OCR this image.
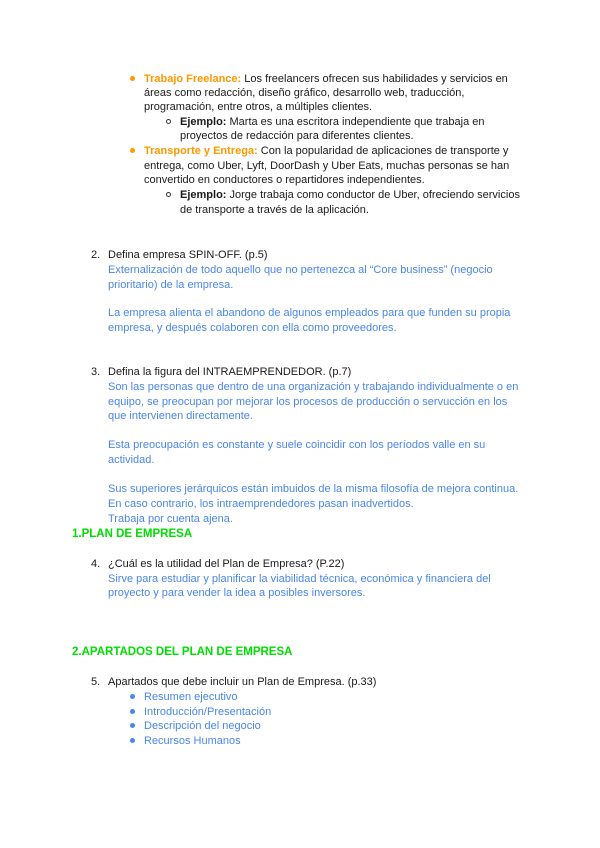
Trabajo Freelance: Los freelancers ofrecen sus habilidades y servicios en
áreas como redacción, diseño gráfico, desarrollo web, traducción,
programación, entre otros, a múltiples clientes.
Ejemplo: Marta es una escritora independiente que trabaja en
proyectos de redacción para diferentes clientes.
Transporte y Entrega: Con la popularidad de aplicaciones de transporte y
entrega, como Uber, Lyft, DoorDash y Uber Eats, muchas personas se han
convertido en conductores o repartidores independientes.
Ejemplo: Jorge trabaja como conductor de Uber, ofreciendo servicios
de transporte a través de la aplicación.
2. Defina empresa SPIN-OFF. (p.5)
Externalización de todo aquello que no pertenezca al “Core business” (negocio
prioritario) de la empresa.
La empresa alienta el abandono de algunos empleados para que funden su propia
empresa, y después colaboren con ella como proveedores.
3. Defina la figura del INTRAEMPRENDEDOR. (p.7)
Son las personas que dentro de una organización y trabajando individualmente o en
equipo, se preocupan por mejorar los procesos de producción o servucción en los
que intervienen directamente.
Esta preocupación es constante y suele coincidir con los períodos valle en su
actividad.
Sus superiores jerárquicos están imbuidos de la misma filosofía de mejora continua.
En caso contrario, los intraemprendedores pasan inadvertidos.
Trabaja por cuenta ajena.
1.PLAN DE EMPRESA
4. ¿Cuál es la utilidad del Plan de Empresa? (P.22)
Sirve para estudiar y planificar la viabilidad técnica, económica y financiera del
proyecto y para vender la idea a posibles inversores.
2.APARTADOS DEL PLAN DE EMPRESA
5. Apartados que debe incluir un Plan de Empresa. (p.33)
Resumen ejecutivo
Introducción/Presentación
Descripción del negocio
Recursos Humanos
